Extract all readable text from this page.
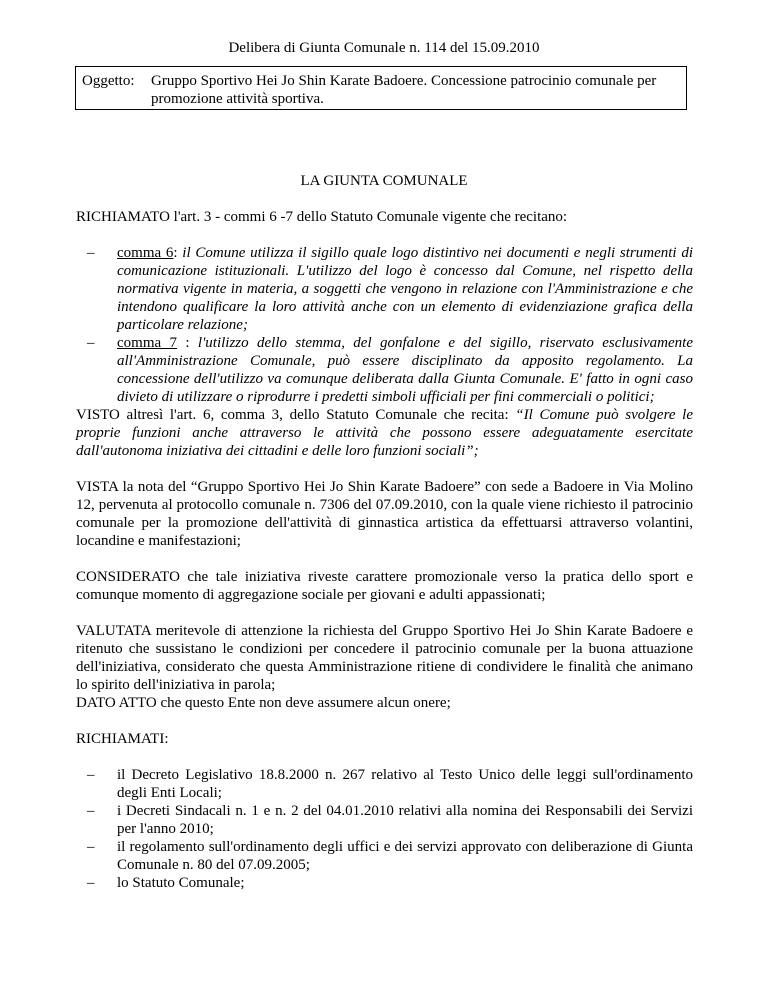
Delibera di Giunta Comunale n. 114 del 15.09.2010
Oggetto:	Gruppo Sportivo Hei Jo Shin Karate Badoere. Concessione patrocinio comunale per promozione attività sportiva.
LA GIUNTA COMUNALE

RICHIAMATO l'art. 3 - commi 6 -7 dello Statuto Comunale vigente che recitano:

–	comma 6: il Comune utilizza il sigillo quale logo distintivo nei documenti e negli strumenti di comunicazione istituzionali. L'utilizzo del logo è concesso dal Comune, nel rispetto della normativa vigente in materia, a soggetti che vengono in relazione con l'Amministrazione e che intendono qualificare la loro attività anche con un elemento di evidenziazione grafica della particolare relazione;
–	comma 7 : l'utilizzo dello stemma, del gonfalone e del sigillo, riservato esclusivamente all'Amministrazione Comunale, può essere disciplinato da apposito regolamento. La concessione dell'utilizzo va comunque deliberata dalla Giunta Comunale. E' fatto in ogni caso divieto di utilizzare o riprodurre i predetti simboli ufficiali per fini commerciali o politici;

VISTO altresì l'art. 6, comma 3, dello Statuto Comunale che recita: “Il Comune può svolgere le proprie funzioni anche attraverso le attività che possono essere adeguatamente esercitate dall'autonoma iniziativa dei cittadini e delle loro funzioni sociali”;

VISTA la nota del “Gruppo Sportivo Hei Jo Shin Karate Badoere” con sede a Badoere in Via Molino 12, pervenuta al protocollo comunale n. 7306 del 07.09.2010, con la quale viene richiesto il patrocinio comunale per la promozione dell'attività di ginnastica artistica da effettuarsi attraverso volantini, locandine e manifestazioni;

CONSIDERATO che tale iniziativa riveste carattere promozionale verso la pratica dello sport e comunque momento di aggregazione sociale per giovani e adulti appassionati;

VALUTATA meritevole di attenzione la richiesta del Gruppo Sportivo Hei Jo Shin Karate Badoere e ritenuto che sussistano le condizioni per concedere il patrocinio comunale per la buona attuazione dell'iniziativa, considerato che questa Amministrazione ritiene di condividere le finalità che animano lo spirito dell'iniziativa in parola;

DATO ATTO che questo Ente non deve assumere alcun onere;

RICHIAMATI:

–	il Decreto Legislativo 18.8.2000 n. 267 relativo al Testo Unico delle leggi sull'ordinamento degli Enti Locali;
–	i Decreti Sindacali n. 1 e n. 2 del 04.01.2010 relativi alla nomina dei Responsabili dei Servizi per l'anno 2010;
–	il regolamento sull'ordinamento degli uffici e dei servizi approvato con deliberazione di Giunta Comunale n. 80 del 07.09.2005;
–	lo Statuto Comunale;
